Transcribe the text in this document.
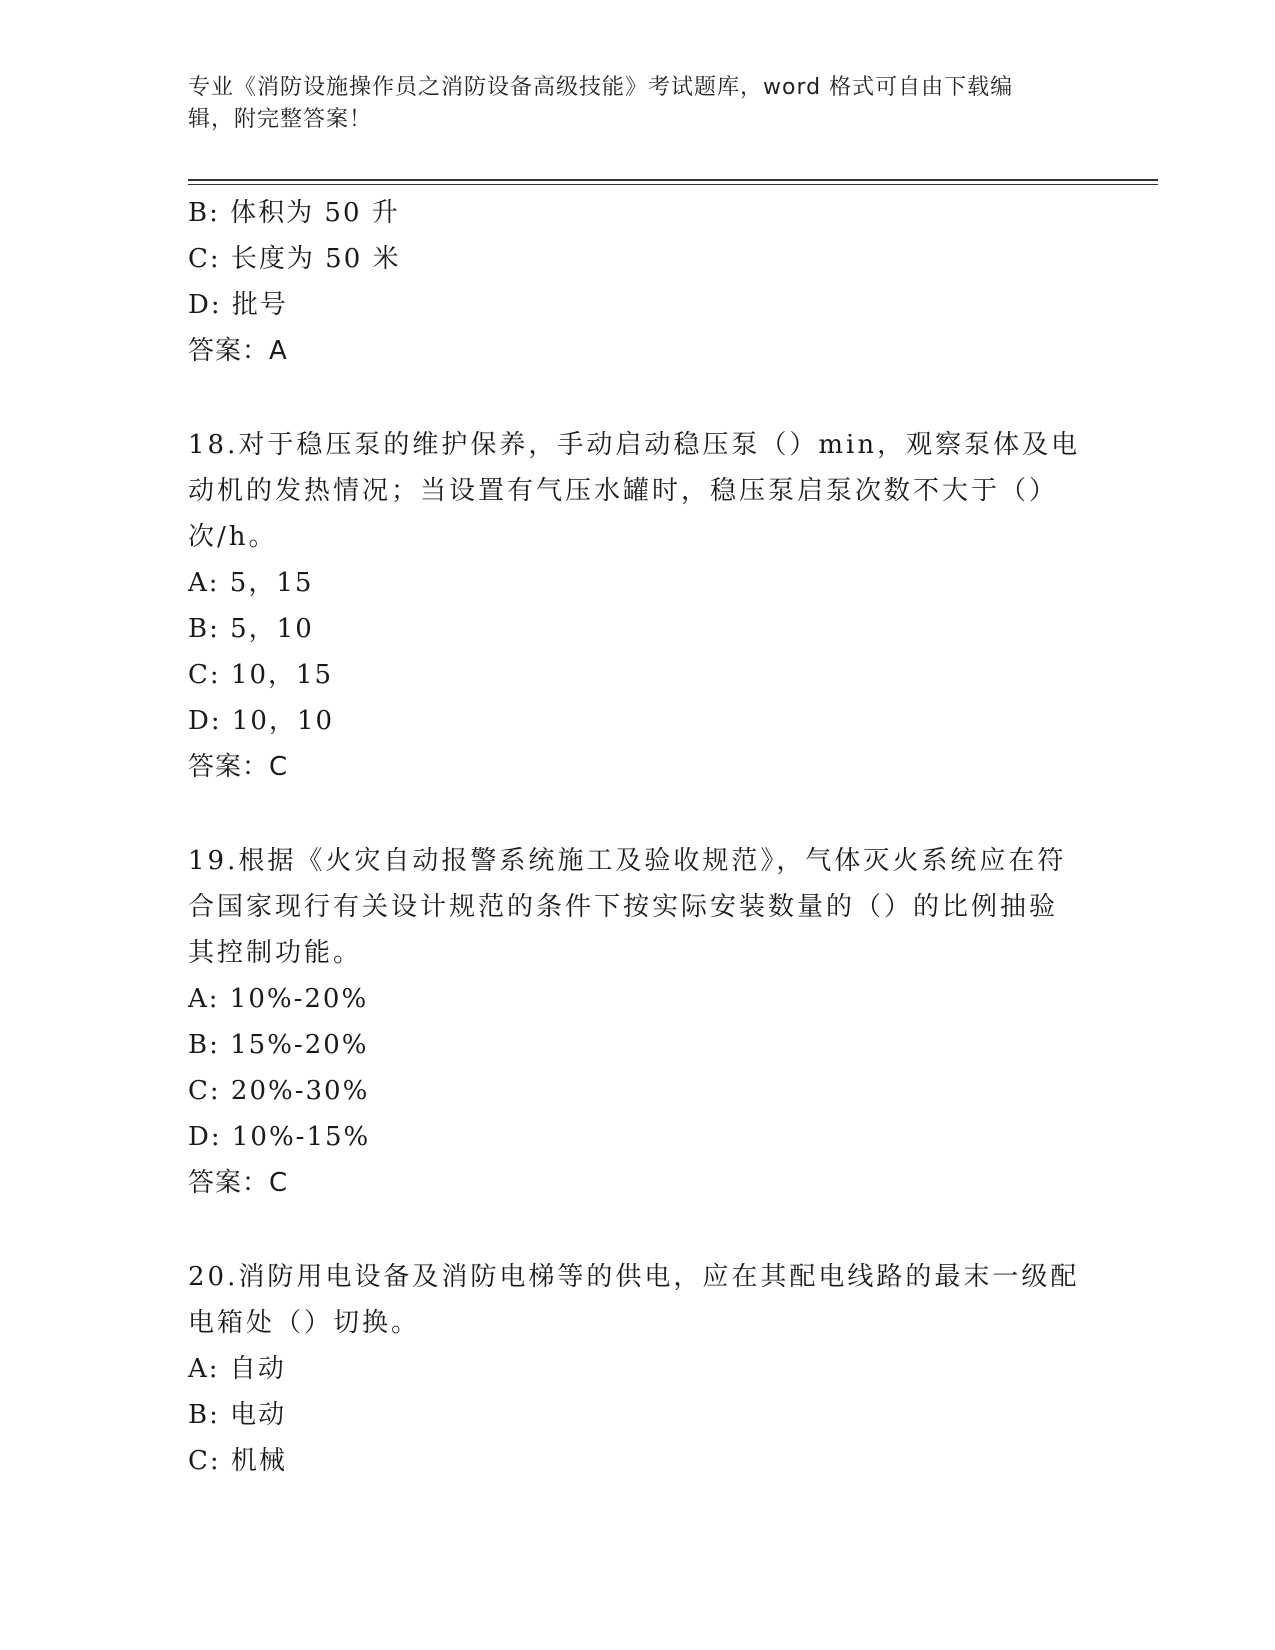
专业《消防设施操作员之消防设备高级技能》考试题库，word 格式可自由下载编
辑，附完整答案！
B: 体积为 50 升
C: 长度为 50 米
D: 批号
答案：A
18.对于稳压泵的维护保养，手动启动稳压泵（）min，观察泵体及电
动机的发热情况；当设置有气压水罐时，稳压泵启泵次数不大于（）
次/h。
A: 5，15
B: 5，10
C: 10，15
D: 10，10
答案：C
19.根据《火灾自动报警系统施工及验收规范》，气体灭火系统应在符
合国家现行有关设计规范的条件下按实际安装数量的（）的比例抽验
其控制功能。
A: 10%-20%
B: 15%-20%
C: 20%-30%
D: 10%-15%
答案：C
20.消防用电设备及消防电梯等的供电，应在其配电线路的最末一级配
电箱处（）切换。
A: 自动
B: 电动
C: 机械
